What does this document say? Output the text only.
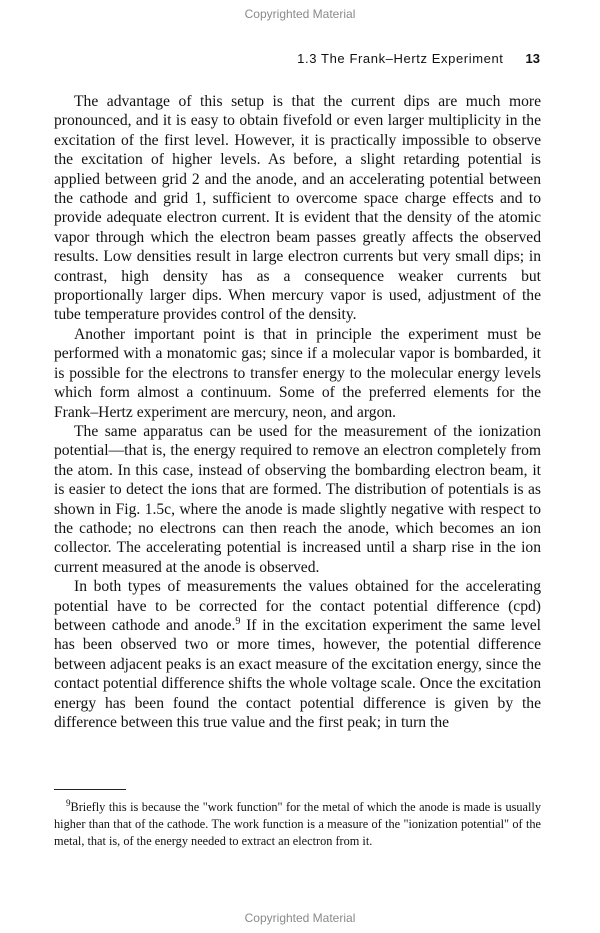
Copyrighted Material
1.3 The Frank–Hertz Experiment 13

The advantage of this setup is that the current dips are much more pronounced, and it is easy to obtain fivefold or even larger multiplicity in the excitation of the first level. However, it is practically impossible to observe the excitation of higher levels. As before, a slight retarding potential is applied between grid 2 and the anode, and an accelerating potential between the cathode and grid 1, sufficient to overcome space charge effects and to provide adequate electron current. It is evident that the density of the atomic vapor through which the electron beam passes greatly affects the observed results. Low densities result in large electron currents but very small dips; in contrast, high density has as a consequence weaker currents but proportionally larger dips. When mercury vapor is used, adjustment of the tube temperature provides control of the density.

Another important point is that in principle the experiment must be performed with a monatomic gas; since if a molecular vapor is bombarded, it is possible for the electrons to transfer energy to the molecular energy levels which form almost a continuum. Some of the preferred elements for the Frank–Hertz experiment are mercury, neon, and argon.

The same apparatus can be used for the measurement of the ionization potential—that is, the energy required to remove an electron completely from the atom. In this case, instead of observing the bombarding electron beam, it is easier to detect the ions that are formed. The distribution of potentials is as shown in Fig. 1.5c, where the anode is made slightly negative with respect to the cathode; no electrons can then reach the anode, which becomes an ion collector. The accelerating potential is increased until a sharp rise in the ion current measured at the anode is observed.

In both types of measurements the values obtained for the accelerating potential have to be corrected for the contact potential difference (cpd) between cathode and anode.$^9$ If in the excitation experiment the same level has been observed two or more times, however, the potential difference between adjacent peaks is an exact measure of the excitation energy, since the contact potential difference shifts the whole voltage scale. Once the excitation energy has been found the contact potential difference is given by the difference between this true value and the first peak; in turn the

$^9$Briefly this is because the "work function" for the metal of which the anode is made is usually higher than that of the cathode. The work function is a measure of the "ionization potential" of the metal, that is, of the energy needed to extract an electron from it.
Copyrighted Material
